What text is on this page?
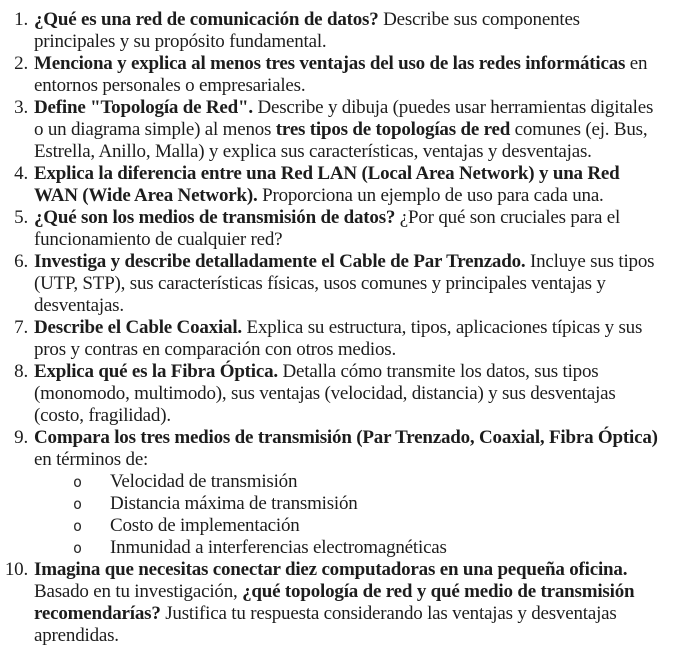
1. ¿Qué es una red de comunicación de datos? Describe sus componentes
principales y su propósito fundamental.
2. Menciona y explica al menos tres ventajas del uso de las redes informáticas en
entornos personales o empresariales.
3. Define "Topología de Red". Describe y dibuja (puedes usar herramientas digitales
o un diagrama simple) al menos tres tipos de topologías de red comunes (ej. Bus,
Estrella, Anillo, Malla) y explica sus características, ventajas y desventajas.
4. Explica la diferencia entre una Red LAN (Local Area Network) y una Red
WAN (Wide Area Network). Proporciona un ejemplo de uso para cada una.
5. ¿Qué son los medios de transmisión de datos? ¿Por qué son cruciales para el
funcionamiento de cualquier red?
6. Investiga y describe detalladamente el Cable de Par Trenzado. Incluye sus tipos
(UTP, STP), sus características físicas, usos comunes y principales ventajas y
desventajas.
7. Describe el Cable Coaxial. Explica su estructura, tipos, aplicaciones típicas y sus
pros y contras en comparación con otros medios.
8. Explica qué es la Fibra Óptica. Detalla cómo transmite los datos, sus tipos
(monomodo, multimodo), sus ventajas (velocidad, distancia) y sus desventajas
(costo, fragilidad).
9. Compara los tres medios de transmisión (Par Trenzado, Coaxial, Fibra Óptica)
en términos de:
o Velocidad de transmisión
o Distancia máxima de transmisión
o Costo de implementación
o Inmunidad a interferencias electromagnéticas
10. Imagina que necesitas conectar diez computadoras en una pequeña oficina.
Basado en tu investigación, ¿qué topología de red y qué medio de transmisión
recomendarías? Justifica tu respuesta considerando las ventajas y desventajas
aprendidas.
